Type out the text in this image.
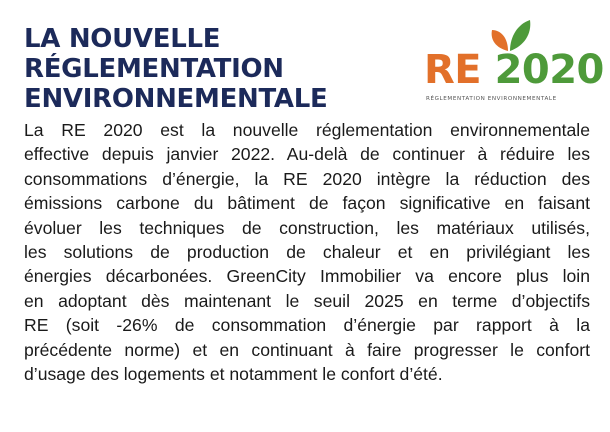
LA NOUVELLE
RÉGLEMENTATION
ENVIRONNEMENTALE
RE 2020
RÉGLEMENTATION ENVIRONNEMENTALE

La RE 2020 est la nouvelle réglementation environnementale
effective depuis janvier 2022. Au-delà de continuer à réduire les
consommations d’énergie, la RE 2020 intègre la réduction des
émissions carbone du bâtiment de façon significative en faisant
évoluer les techniques de construction, les matériaux utilisés,
les solutions de production de chaleur et en privilégiant les
énergies décarbonées. GreenCity Immobilier va encore plus loin
en adoptant dès maintenant le seuil 2025 en terme d’objectifs
RE (soit -26% de consommation d’énergie par rapport à la
précédente norme) et en continuant à faire progresser le confort
d’usage des logements et notamment le confort d’été.
